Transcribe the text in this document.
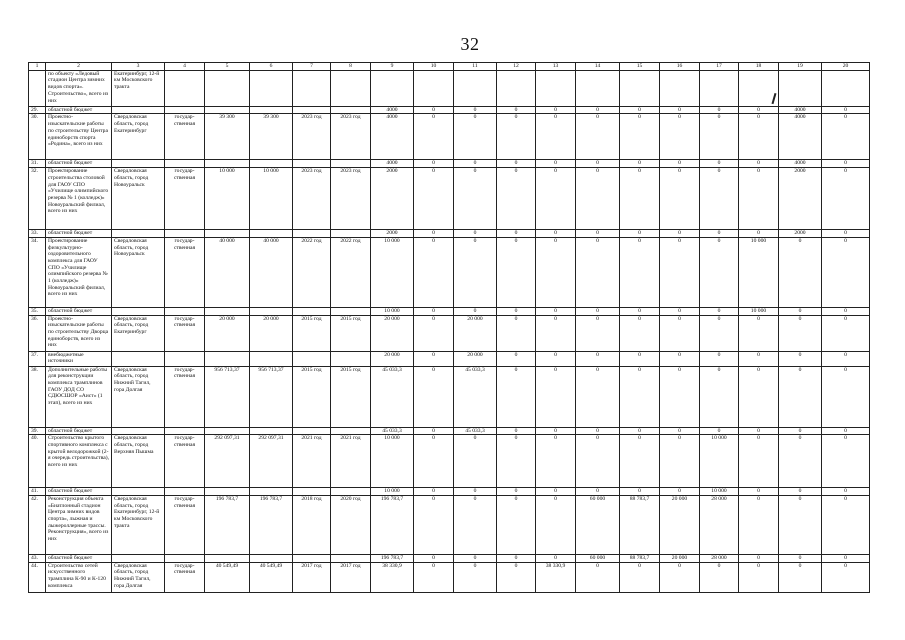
32
1	2	3	4	5	6	7	8	9	10	11	12	13	14	15	16	17	18	19	20
	по объекту «Ледовый стадион Центра зимних видов спорта». Строительство», всего из них	Екатеринбург, 12-й км Московского тракта																	
29.	областной бюджет							4000	0	0	0	0	0	0	0	0	0	4000	0
30.	Проектно-изыскательские работы по строительству Центра единоборств спорта «Родина», всего из них	Свердловская область, город Екатеринбург	государ-ственная	39 300	39 300	2023 год	2023 год	4000	0	0	0	0	0	0	0	0	0	4000	0
31.	областной бюджет							4000	0	0	0	0	0	0	0	0	0	4000	0
32.	Проектирование строительства столовой для ГАОУ СПО «Училище олимпийского резерва № 1 (колледж)» Новоуральский филиал, всего из них	Свердловская область, город Новоуральск	государ-ственная	10 000	10 000	2023 год	2023 год	2000	0	0	0	0	0	0	0	0	0	2000	0
33.	областной бюджет							2000	0	0	0	0	0	0	0	0	0	2000	0
34.	Проектирование физкультурно-оздоровительного комплекса для ГАОУ СПО «Училище олимпийского резерва № 1 (колледж)» Новоуральский филиал, всего из них	Свердловская область, город Новоуральск	государ-ственная	40 000	40 000	2022 год	2022 год	10 000	0	0	0	0	0	0	0	0	10 000	0	0
35.	областной бюджет							10 000	0	0	0	0	0	0	0	0	10 000	0	0
36.	Проектно-изыскательские работы по строительству Дворца единоборств, всего из них	Свердловская область, город Екатеринбург	государ-ственная	20 000	20 000	2015 год	2015 год	20 000	0	20 000	0	0	0	0	0	0	0	0	0
37.	внебюджетные источники							20 000	0	20 000	0	0	0	0	0	0	0	0	0
38.	Дополнительные работы для реконструкции комплекса трамплинов ГАОУ ДОД СО СДЮСШОР «Аист» (1 этап), всего из них	Свердловская область, город Нижний Тагил, гора Долгая	государ-ственная	956 713,37	956 713,37	2015 год	2015 год	45 033,3	0	45 033,3	0	0	0	0	0	0	0	0	0
39.	областной бюджет							45 033,3	0	45 033,3	0	0	0	0	0	0	0	0	0
40.	Строительство крытого спортивного комплекса с крытой велодорожкой (2-я очередь строительства), всего из них	Свердловская область, город Верхняя Пышма	государ-ственная	292 097,31	292 097,31	2021 год	2021 год	10 000	0	0	0	0	0	0	0	10 000	0	0	0
41.	областной бюджет							10 000	0	0	0	0	0	0	0	10 000	0	0	0
42.	Реконструкция объекта «Биатлонный стадион Центра зимних видов спорта», лыжная и лыжероллерные трассы. Реконструкция», всего из них	Свердловская область, город Екатеринбург, 12-й км Московского тракта	государ-ственная	196 783,7	196 783,7	2018 год	2020 год	196 783,7	0	0	0	0	60 000	88 783,7	20 000	28 000	0	0	0
43.	областной бюджет							196 783,7	0	0	0	0	60 000	88 783,7	20 000	28 000	0	0	0
44.	Строительство сетей искусственного трамплина К-90 и К-120 комплекса	Свердловская область, город Нижний Тагил, гора Долгая	государ-ственная	40 549,49	40 549,49	2017 год	2017 год	38 330,9	0	0	0	38 330,9	0	0	0	0	0	0	0
